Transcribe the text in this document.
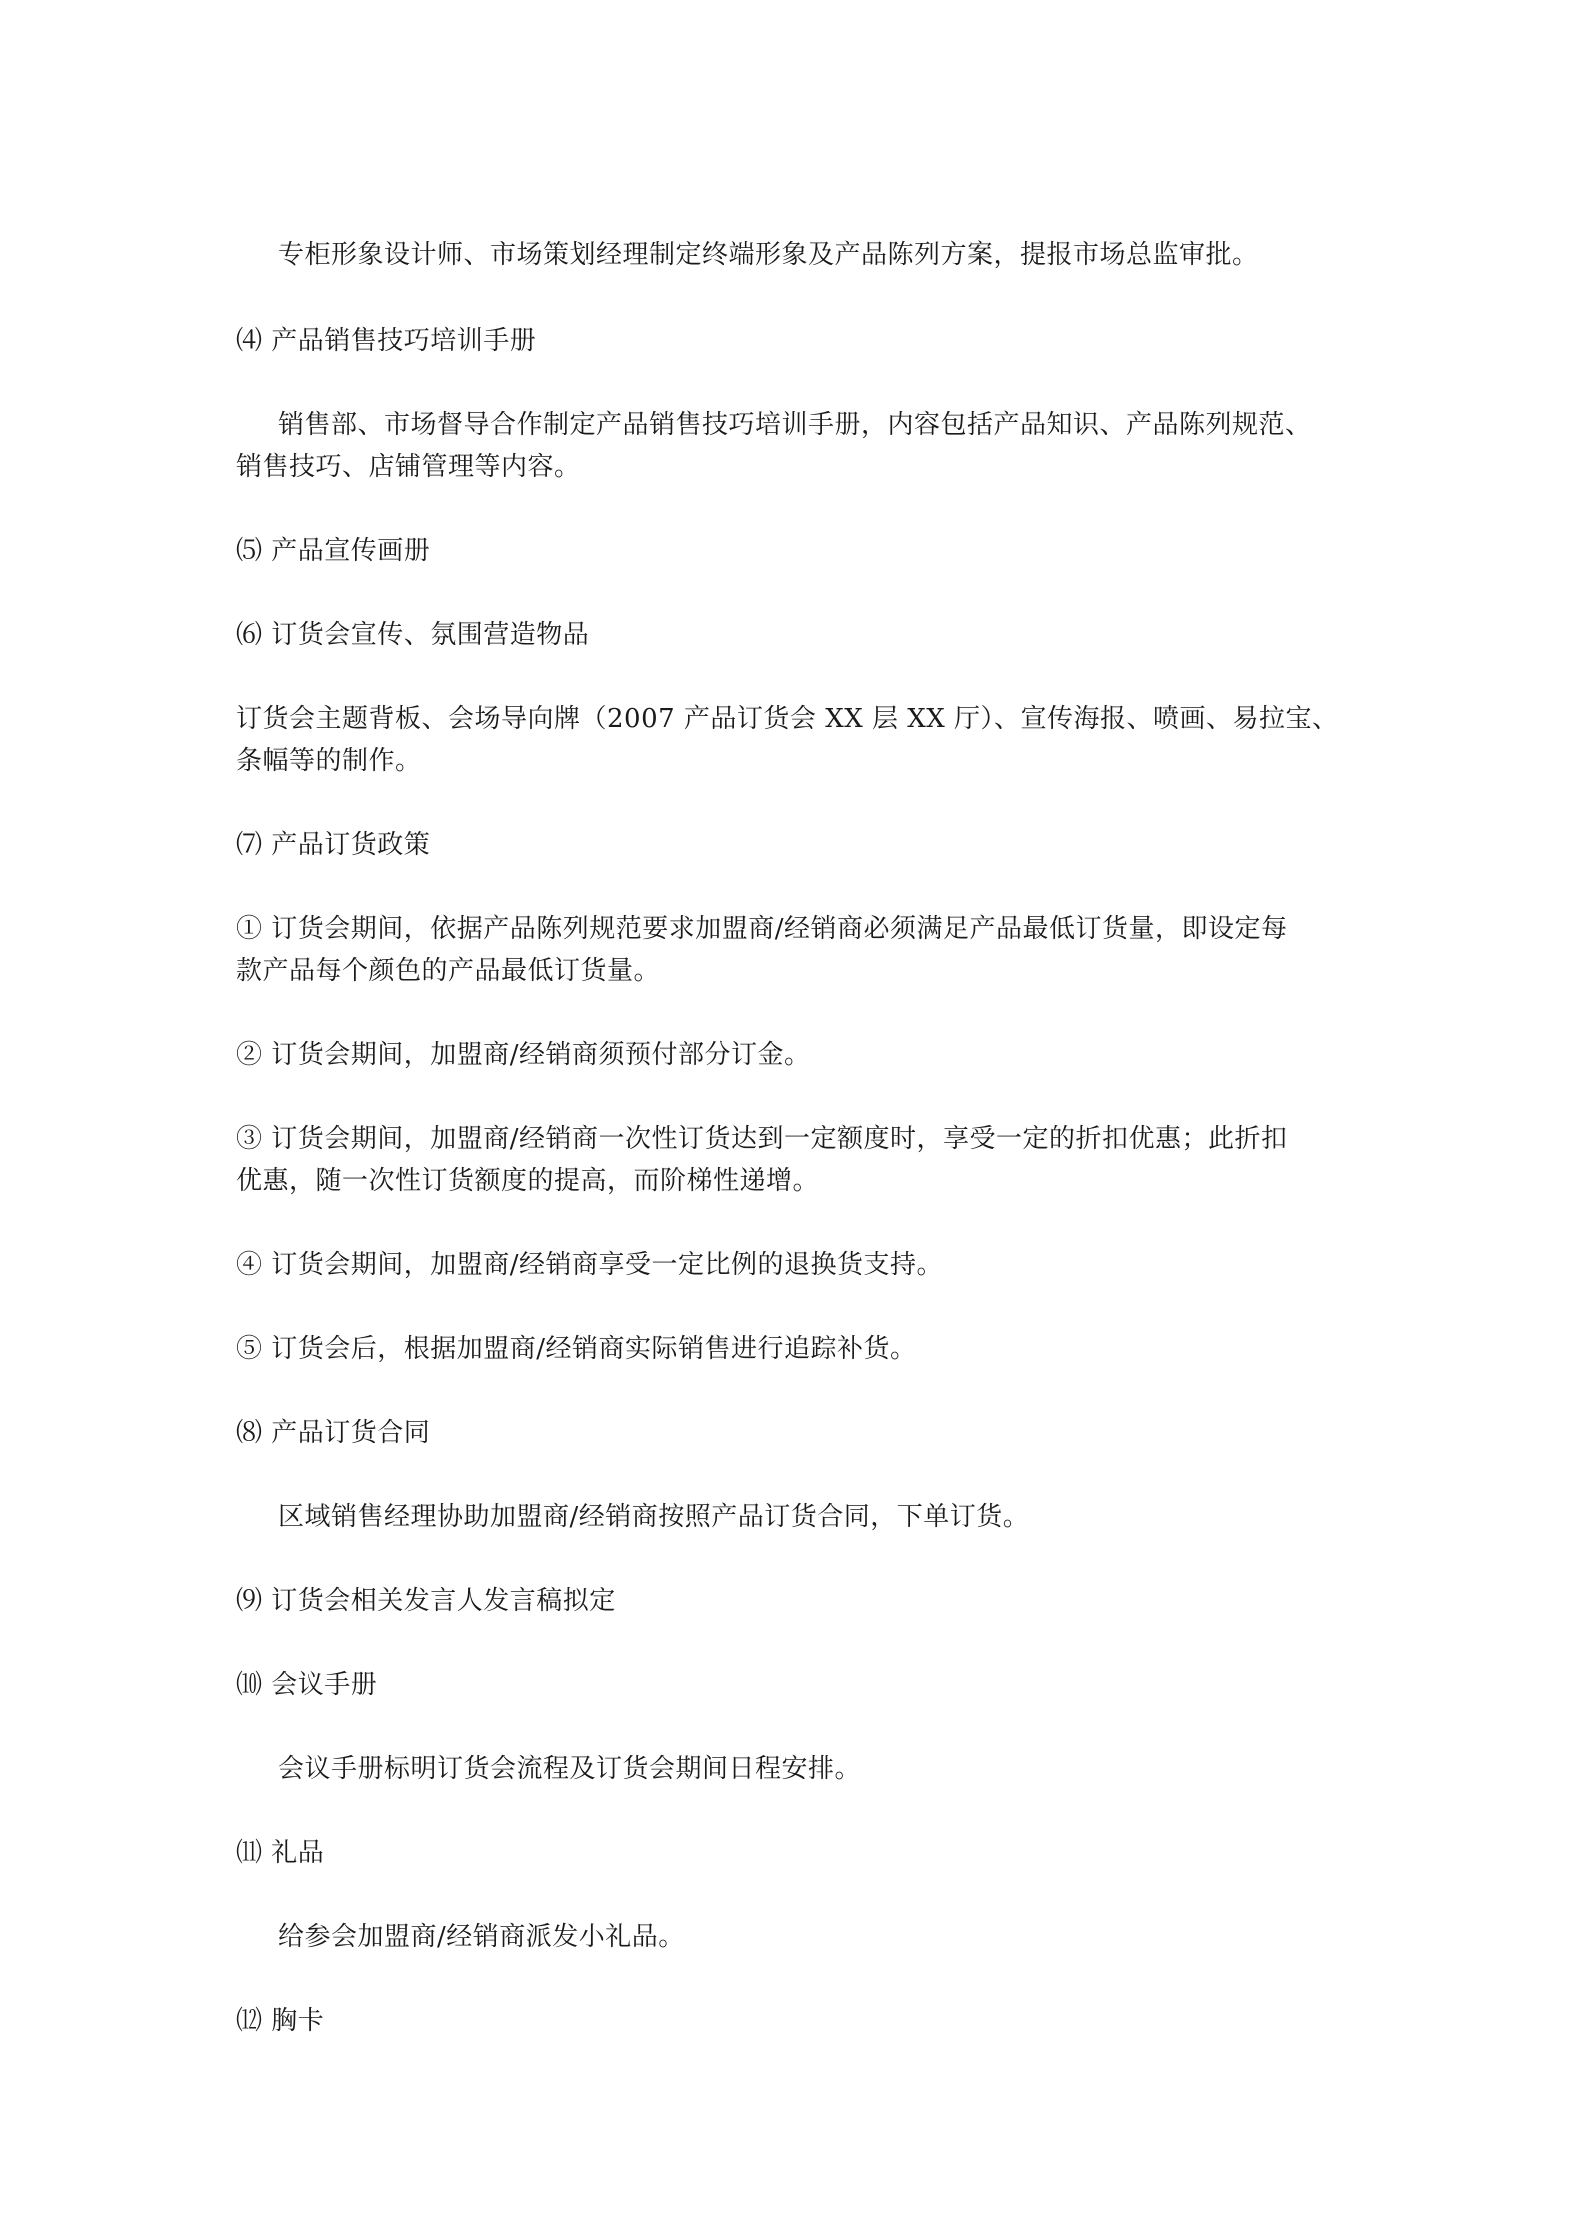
专柜形象设计师、市场策划经理制定终端形象及产品陈列方案，提报市场总监审批。
⑷ 产品销售技巧培训手册
销售部、市场督导合作制定产品销售技巧培训手册，内容包括产品知识、产品陈列规范、
销售技巧、店铺管理等内容。
⑸ 产品宣传画册
⑹ 订货会宣传、氛围营造物品
订货会主题背板、会场导向牌（2007 产品订货会 XX 层 XX 厅）、宣传海报、喷画、易拉宝、
条幅等的制作。
⑺ 产品订货政策
① 订货会期间，依据产品陈列规范要求加盟商/经销商必须满足产品最低订货量，即设定每
款产品每个颜色的产品最低订货量。
② 订货会期间，加盟商/经销商须预付部分订金。
③ 订货会期间，加盟商/经销商一次性订货达到一定额度时，享受一定的折扣优惠；此折扣
优惠，随一次性订货额度的提高，而阶梯性递增。
④ 订货会期间，加盟商/经销商享受一定比例的退换货支持。
⑤ 订货会后，根据加盟商/经销商实际销售进行追踪补货。
⑻ 产品订货合同
区域销售经理协助加盟商/经销商按照产品订货合同，下单订货。
⑼ 订货会相关发言人发言稿拟定
⑽ 会议手册
会议手册标明订货会流程及订货会期间日程安排。
⑾ 礼品
给参会加盟商/经销商派发小礼品。
⑿ 胸卡
